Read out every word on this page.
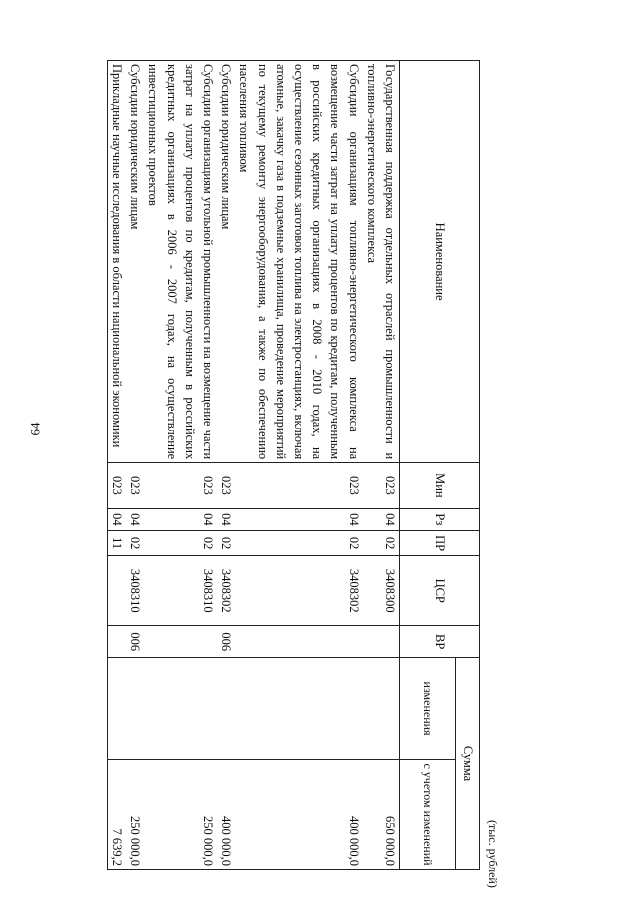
64
(тыс. рублей)
Наименование	Мин	Рз	ПР	ЦСР	ВР	Сумма	
						изменения	с учетом изменений
Государственная поддержка отдельных отраслей промышленности и топливно-энергетического комплекса	023	04	02	3408300			650 000,0
Субсидии организациям топливно-энергетического комплекса на возмещение части затрат на уплату процентов по кредитам, полученным в российских кредитных организациях в 2008 - 2010 годах, на осуществление сезонных заготовок топлива на электростанциях, включая атомные, закачку газа в подземные хранилища, проведение мероприятий по текущему ремонту энергооборудования, а также по обеспечению населения топливом	023	04	02	3408302			400 000,0
Субсидии юридическим лицам	023	04	02	3408302	006		400 000,0
Субсидии организациям угольной промышленности на возмещение части затрат на уплату процентов по кредитам, полученным в российских кредитных организациях в 2006 - 2007 годах, на осуществление инвестиционных проектов	023	04	02	3408310			250 000,0
Субсидии юридическим лицам	023	04	02	3408310	006		250 000,0
Прикладные научные исследования в области национальной экономики	023	04	11				7 639,2
